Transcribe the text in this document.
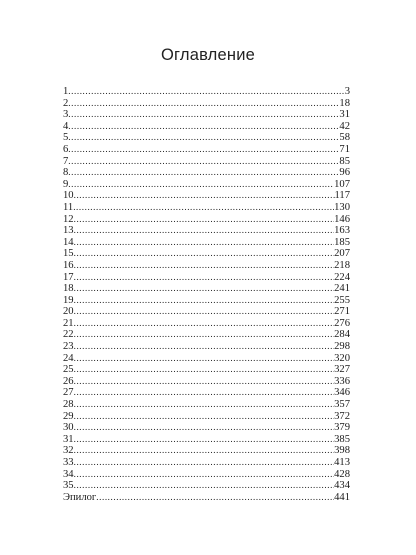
Оглавление
1 .....	3
2 .....	18
3 .....	31
4 .....	42
5 .....	58
6 .....	71
7 .....	85
8 .....	96
9 .....	107
10 .....	117
11 .....	130
12 .....	146
13 .....	163
14 .....	185
15 .....	207
16 .....	218
17 .....	224
18 .....	241
19 .....	255
20 .....	271
21 .....	276
22 .....	284
23 .....	298
24 .....	320
25 .....	327
26 .....	336
27 .....	346
28 .....	357
29 .....	372
30 .....	379
31 .....	385
32 .....	398
33 .....	413
34 .....	428
35 .....	434
Эпилог .....	441
